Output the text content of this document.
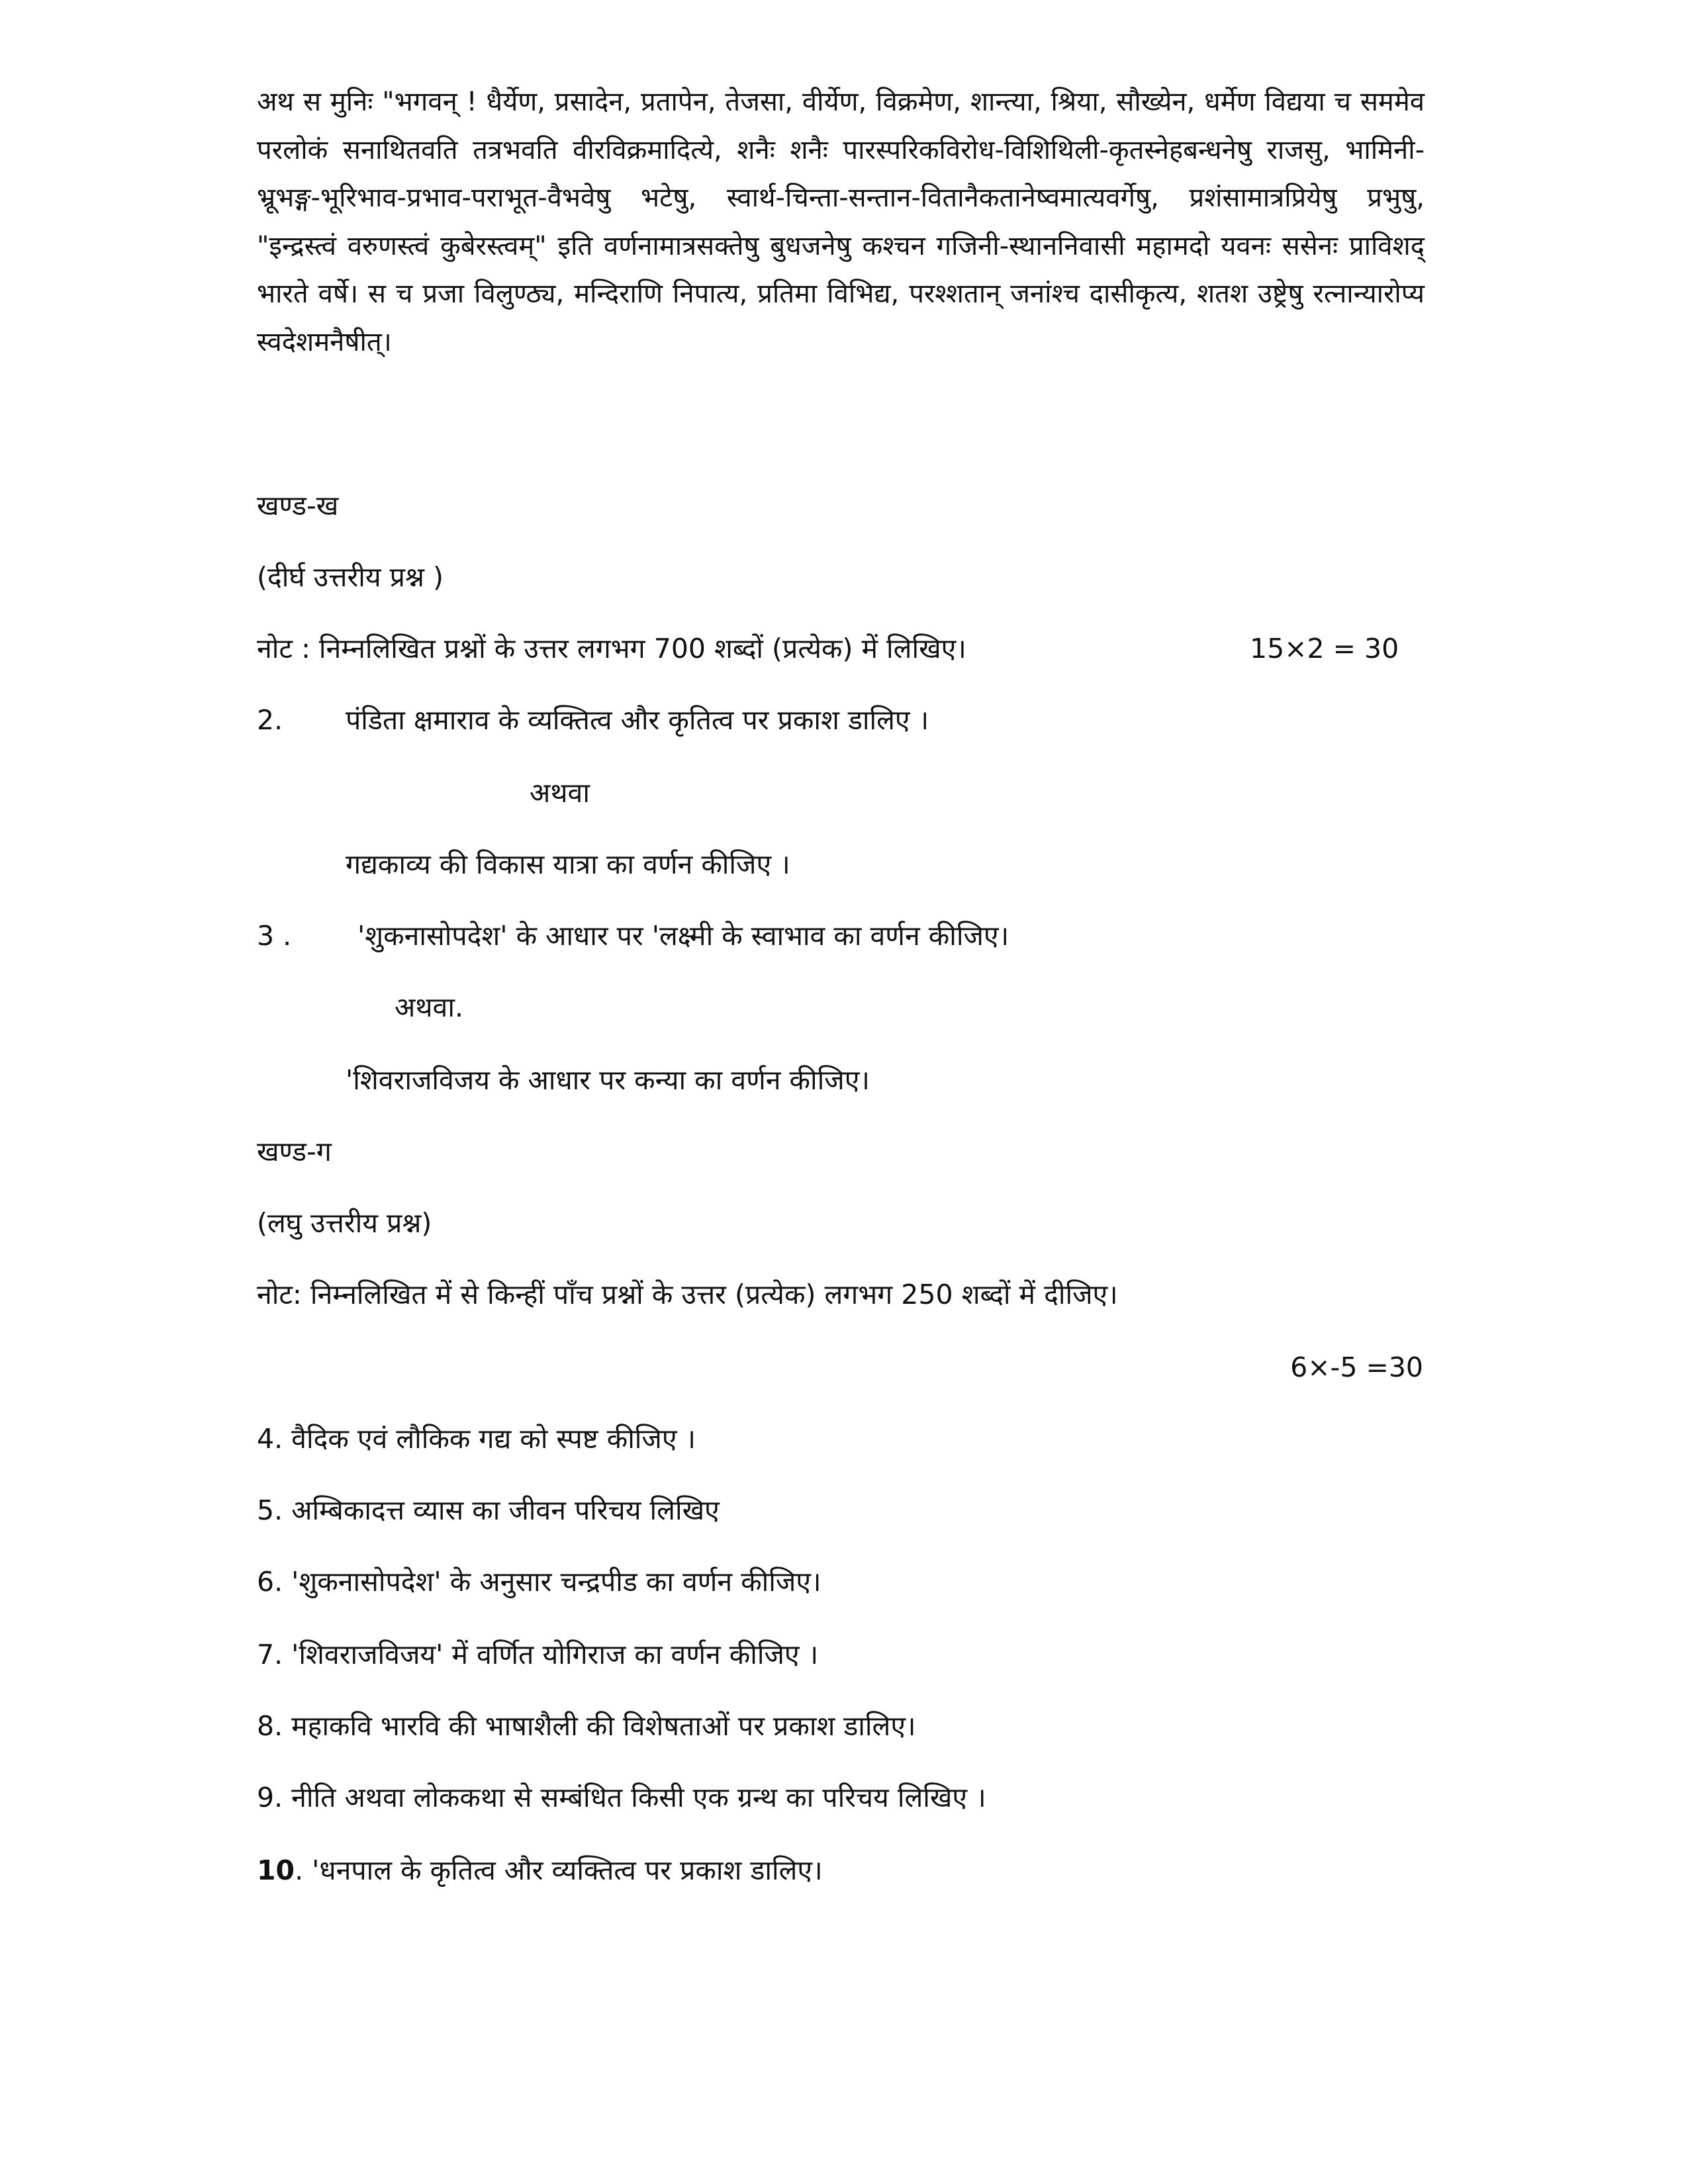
अथ स मुनिः "भगवन् ! धैर्येण, प्रसादेन, प्रतापेन, तेजसा, वीर्येण, विक्रमेण, शान्त्या, श्रिया, सौख्येन, धर्मेण विद्यया च सममेव परलोकं सनाथितवति तत्रभवति वीरविक्रमादित्ये, शनैः शनैः पारस्परिकविरोध-विशिथिली-कृतस्नेहबन्धनेषु राजसु, भामिनी-भ्रूभङ्ग-भूरिभाव-प्रभाव-पराभूत-वैभवेषु भटेषु, स्वार्थ-चिन्ता-सन्तान-वितानैकतानेष्वमात्यवर्गेषु, प्रशंसामात्रप्रियेषु प्रभुषु, "इन्द्रस्त्वं वरुणस्त्वं कुबेरस्त्वम्" इति वर्णनामात्रसक्तेषु बुधजनेषु कश्चन गजिनी-स्थाननिवासी महामदो यवनः ससेनः प्राविशद् भारते वर्षे। स च प्रजा विलुण्ठ्य, मन्दिराणि निपात्य, प्रतिमा विभिद्य, परश्शतान् जनांश्च दासीकृत्य, शतश उष्ट्रेषु रत्नान्यारोप्य स्वदेशमनैषीत्।
खण्ड-ख
(दीर्घ उत्तरीय प्रश्न )
नोट : निम्नलिखित प्रश्नों के उत्तर लगभग 700 शब्दों (प्रत्येक) में लिखिए।	15×2 = 30
2. पंडिता क्षमाराव के व्यक्तित्व और कृतित्व पर प्रकाश डालिए ।
अथवा
गद्यकाव्य की विकास यात्रा का वर्णन कीजिए ।
3 . 'शुकनासोपदेश' के आधार पर 'लक्ष्मी के स्वाभाव का वर्णन कीजिए।
अथवा.
'शिवराजविजय के आधार पर कन्या का वर्णन कीजिए।
खण्ड-ग
(लघु उत्तरीय प्रश्न)
नोट: निम्नलिखित में से किन्हीं पाँच प्रश्नों के उत्तर (प्रत्येक) लगभग 250 शब्दों में दीजिए।
6×-5 =30
4. वैदिक एवं लौकिक गद्य को स्पष्ट कीजिए ।
5. अम्बिकादत्त व्यास का जीवन परिचय लिखिए
6. 'शुकनासोपदेश' के अनुसार चन्द्रपीड का वर्णन कीजिए।
7. 'शिवराजविजय' में वर्णित योगिराज का वर्णन कीजिए ।
8. महाकवि भारवि की भाषाशैली की विशेषताओं पर प्रकाश डालिए।
9. नीति अथवा लोककथा से सम्बंधित किसी एक ग्रन्थ का परिचय लिखिए ।
10. 'धनपाल के कृतित्व और व्यक्तित्व पर प्रकाश डालिए।
